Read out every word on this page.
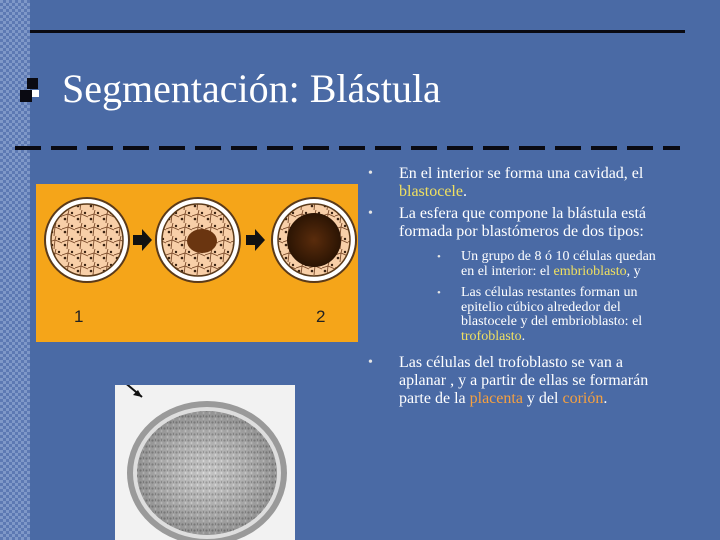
Segmentación: Blástula
1	2
• En el interior se forma una cavidad, el blastocele.
• La esfera que compone la blástula está formada por blastómeros de dos tipos:
• Un grupo de 8 ó 10 células quedan en el interior: el embrioblasto, y
• Las células restantes forman un epitelio cúbico alrededor del blastocele y del embrioblasto: el trofoblasto.
• Las células del trofoblasto se van a aplanar , y a partir de ellas se formarán parte de la placenta y del corión.
